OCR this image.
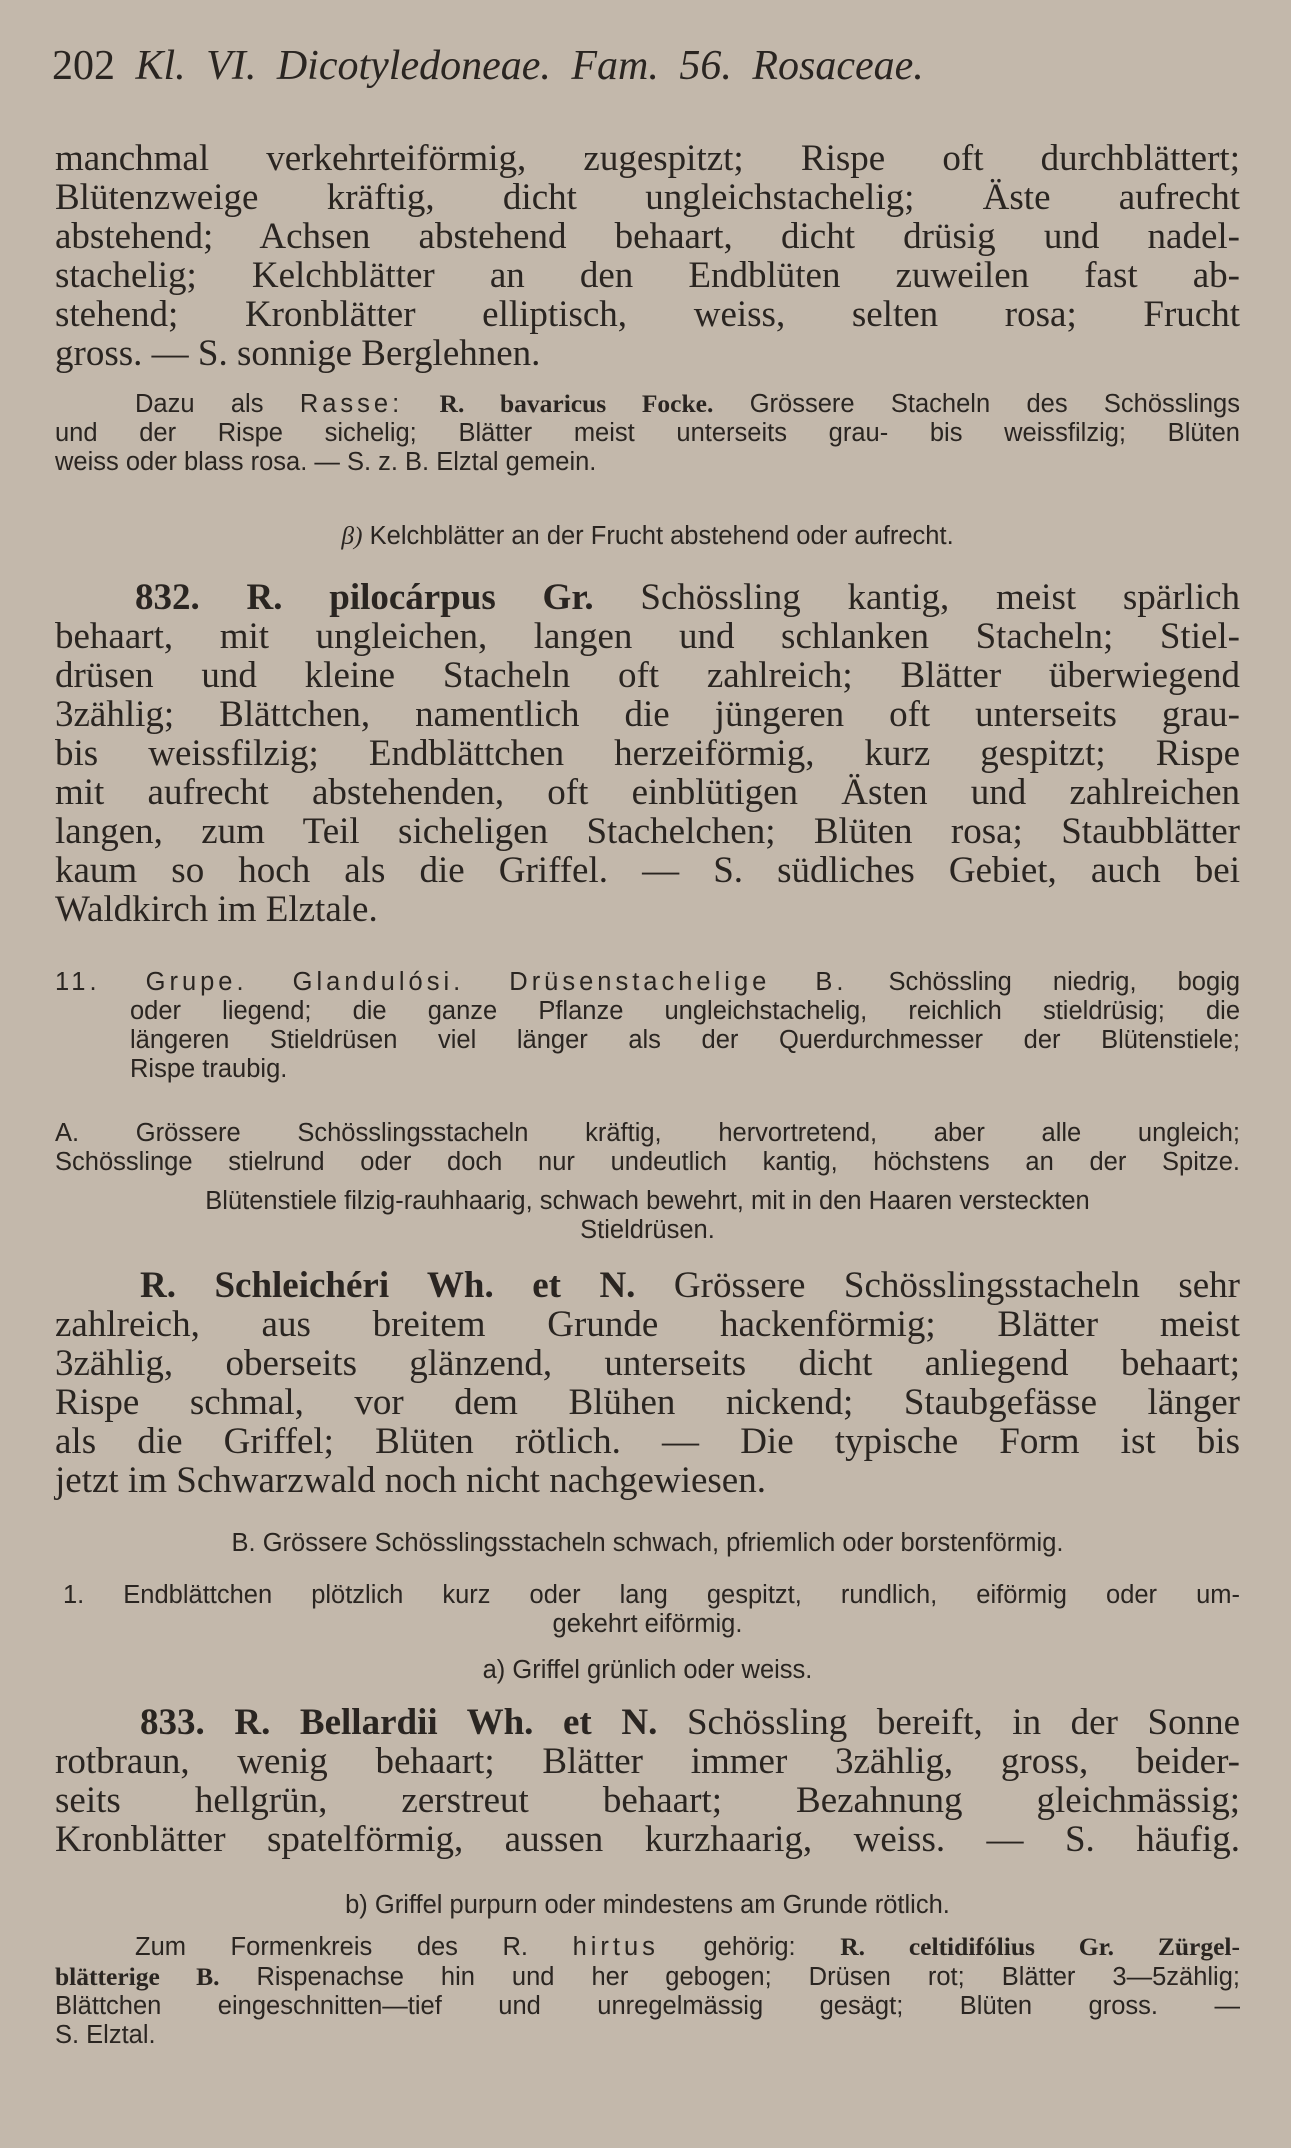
202 Kl. VI. Dicotyledoneae. Fam. 56. Rosaceae.
manchmal verkehrteiförmig, zugespitzt; Rispe oft durchblättert;
Blütenzweige kräftig, dicht ungleichstachelig; Äste aufrecht
abstehend; Achsen abstehend behaart, dicht drüsig und nadel-
stachelig; Kelchblätter an den Endblüten zuweilen fast ab-
stehend; Kronblätter elliptisch, weiss, selten rosa; Frucht
gross. — S. sonnige Berglehnen.
Dazu als Rasse: R. bavaricus Focke. Grössere Stacheln des Schösslings
und der Rispe sichelig; Blätter meist unterseits grau- bis weissfilzig; Blüten
weiss oder blass rosa. — S. z. B. Elztal gemein.
β) Kelchblätter an der Frucht abstehend oder aufrecht.
832. R. pilocárpus Gr. Schössling kantig, meist spärlich
behaart, mit ungleichen, langen und schlanken Stacheln; Stiel-
drüsen und kleine Stacheln oft zahlreich; Blätter überwiegend
3zählig; Blättchen, namentlich die jüngeren oft unterseits grau-
bis weissfilzig; Endblättchen herzeiförmig, kurz gespitzt; Rispe
mit aufrecht abstehenden, oft einblütigen Ästen und zahlreichen
langen, zum Teil sicheligen Stachelchen; Blüten rosa; Staubblätter
kaum so hoch als die Griffel. — S. südliches Gebiet, auch bei
Waldkirch im Elztale.
11. Grupe. Glandulósi. Drüsenstachelige B. Schössling niedrig, bogig
oder liegend; die ganze Pflanze ungleichstachelig, reichlich stieldrüsig; die
längeren Stieldrüsen viel länger als der Querdurchmesser der Blütenstiele;
Rispe traubig.
A. Grössere Schösslingsstacheln kräftig, hervortretend, aber alle ungleich;
Schösslinge stielrund oder doch nur undeutlich kantig, höchstens an der Spitze.
Blütenstiele filzig-rauhhaarig, schwach bewehrt, mit in den Haaren versteckten
Stieldrüsen.
R. Schleichéri Wh. et N. Grössere Schösslingsstacheln sehr
zahlreich, aus breitem Grunde hackenförmig; Blätter meist
3zählig, oberseits glänzend, unterseits dicht anliegend behaart;
Rispe schmal, vor dem Blühen nickend; Staubgefässe länger
als die Griffel; Blüten rötlich. — Die typische Form ist bis
jetzt im Schwarzwald noch nicht nachgewiesen.
B. Grössere Schösslingsstacheln schwach, pfriemlich oder borstenförmig.
1. Endblättchen plötzlich kurz oder lang gespitzt, rundlich, eiförmig oder um-
gekehrt eiförmig.
a) Griffel grünlich oder weiss.
833. R. Bellardii Wh. et N. Schössling bereift, in der Sonne
rotbraun, wenig behaart; Blätter immer 3zählig, gross, beider-
seits hellgrün, zerstreut behaart; Bezahnung gleichmässig;
Kronblätter spatelförmig, aussen kurzhaarig, weiss. — S. häufig.
b) Griffel purpurn oder mindestens am Grunde rötlich.
Zum Formenkreis des R. hirtus gehörig: R. celtidifólius Gr. Zürgel-
blätterige B. Rispenachse hin und her gebogen; Drüsen rot; Blätter 3—5zählig;
Blättchen eingeschnitten—tief und unregelmässig gesägt; Blüten gross. —
S. Elztal.
